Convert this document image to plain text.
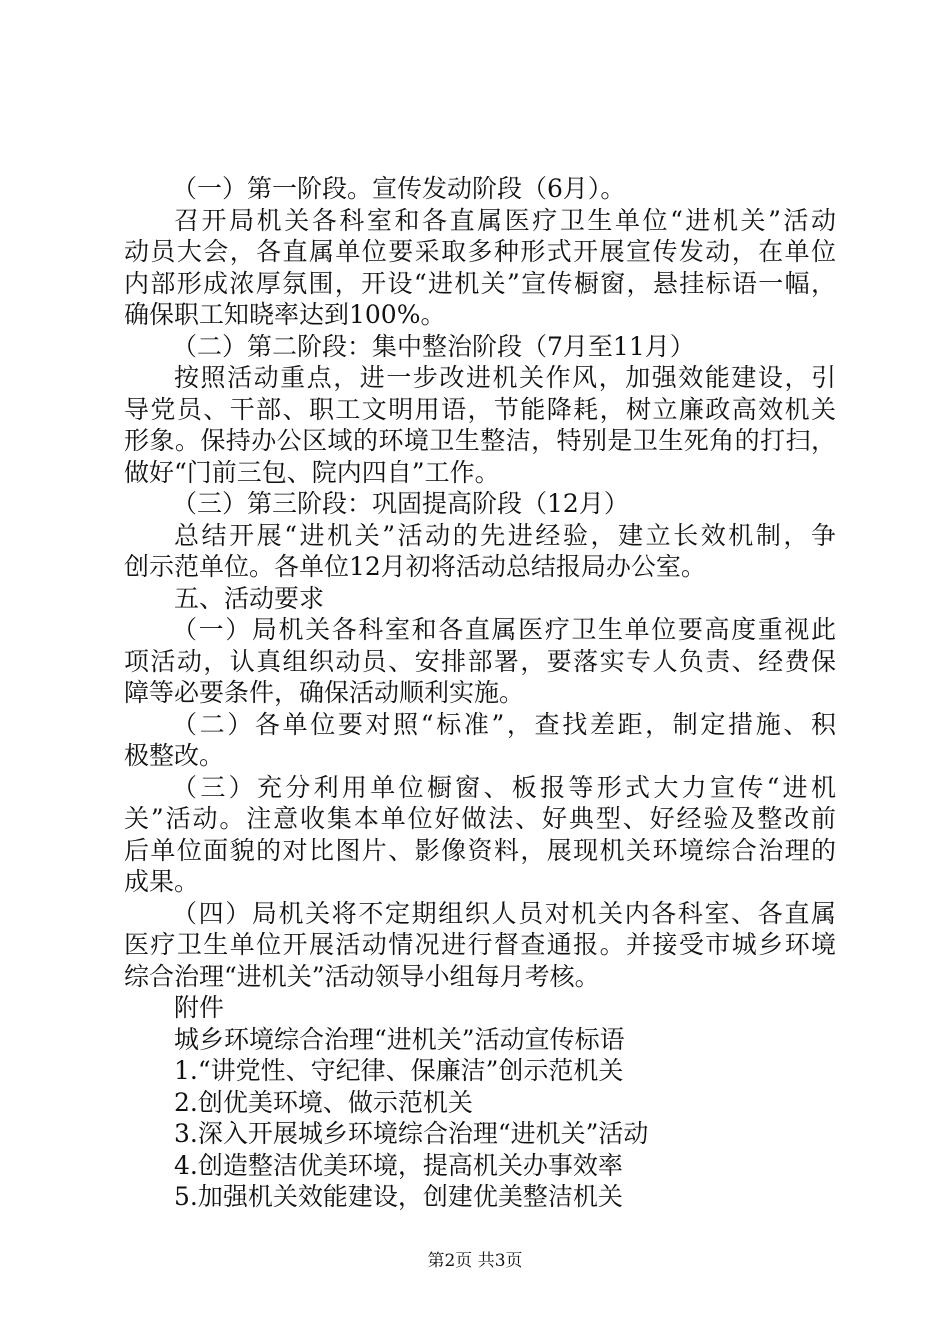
（一）第一阶段。宣传发动阶段（6月）。
召开局机关各科室和各直属医疗卫生单位“进机关”活动
动员大会，各直属单位要采取多种形式开展宣传发动，在单位
内部形成浓厚氛围，开设“进机关”宣传橱窗，悬挂标语一幅，
确保职工知晓率达到100%。
（二）第二阶段：集中整治阶段（7月至11月）
按照活动重点，进一步改进机关作风，加强效能建设，引
导党员、干部、职工文明用语，节能降耗，树立廉政高效机关
形象。保持办公区域的环境卫生整洁，特别是卫生死角的打扫，
做好“门前三包、院内四自”工作。
（三）第三阶段：巩固提高阶段（12月）
总结开展“进机关”活动的先进经验，建立长效机制，争
创示范单位。各单位12月初将活动总结报局办公室。
五、活动要求
（一）局机关各科室和各直属医疗卫生单位要高度重视此
项活动，认真组织动员、安排部署，要落实专人负责、经费保
障等必要条件，确保活动顺利实施。
（二）各单位要对照“标准”，查找差距，制定措施、积
极整改。
（三）充分利用单位橱窗、板报等形式大力宣传“进机
关”活动。注意收集本单位好做法、好典型、好经验及整改前
后单位面貌的对比图片、影像资料，展现机关环境综合治理的
成果。
（四）局机关将不定期组织人员对机关内各科室、各直属
医疗卫生单位开展活动情况进行督查通报。并接受市城乡环境
综合治理“进机关”活动领导小组每月考核。
附件
城乡环境综合治理“进机关”活动宣传标语
1.“讲党性、守纪律、保廉洁”创示范机关
2.创优美环境、做示范机关
3.深入开展城乡环境综合治理“进机关”活动
4.创造整洁优美环境，提高机关办事效率
5.加强机关效能建设，创建优美整洁机关
第2页 共3页
